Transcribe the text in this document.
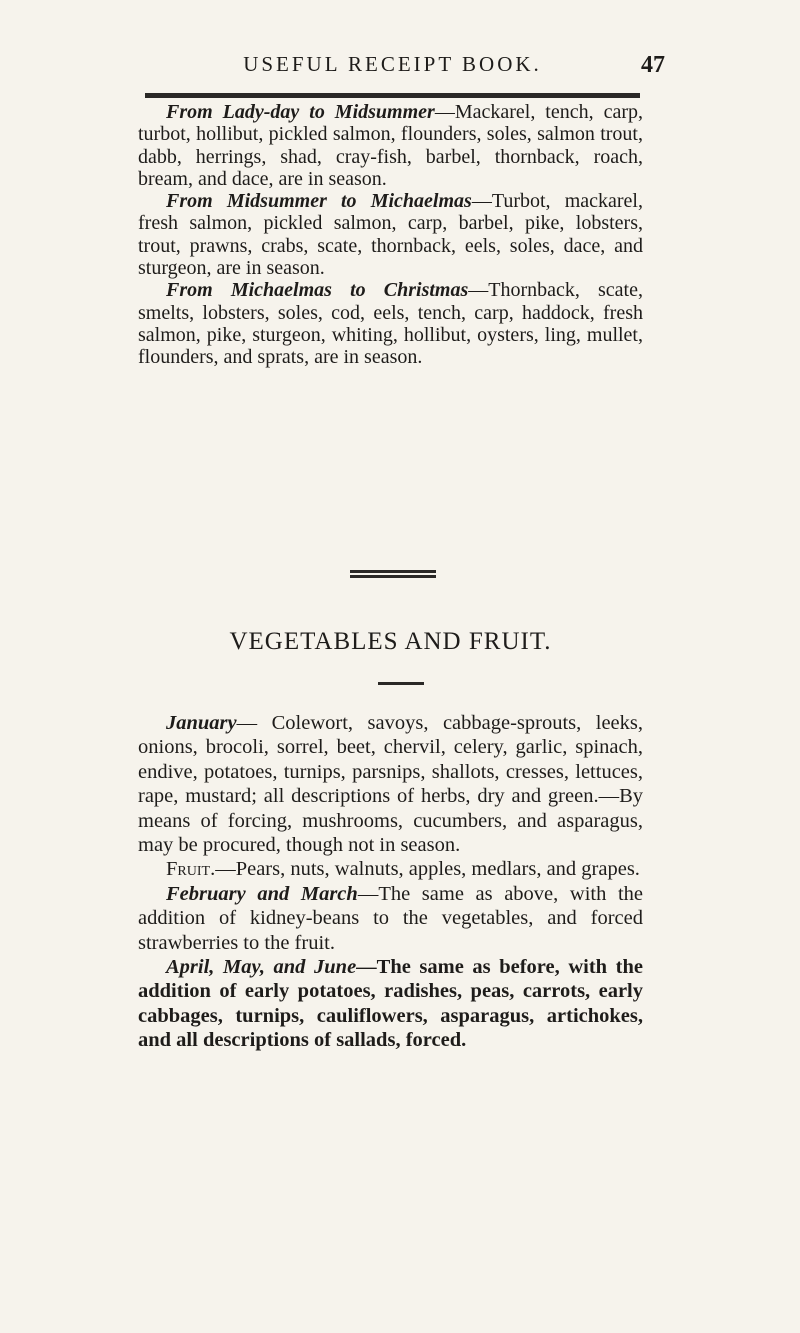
USEFUL RECEIPT BOOK.	47

From Lady-day to Midsummer—Mackarel, tench, carp, turbot, hollibut, pickled salmon, flounders, soles, salmon trout, dabb, herrings, shad, cray-fish, barbel, thornback, roach, bream, and dace, are in season.

From Midsummer to Michaelmas—Turbot, mackarel, fresh salmon, pickled salmon, carp, barbel, pike, lobsters, trout, prawns, crabs, scate, thornback, eels, soles, dace, and sturgeon, are in season.

From Michaelmas to Christmas—Thornback, scate, smelts, lobsters, soles, cod, eels, tench, carp, haddock, fresh salmon, pike, sturgeon, whiting, hollibut, oysters, ling, mullet, flounders, and sprats, are in season.

VEGETABLES AND FRUIT.

January— Colewort, savoys, cabbage-sprouts, leeks, onions, brocoli, sorrel, beet, chervil, celery, garlic, spinach, endive, potatoes, turnips, parsnips, shallots, cresses, lettuces, rape, mustard; all descriptions of herbs, dry and green.—By means of forcing, mushrooms, cucumbers, and asparagus, may be procured, though not in season.

Fruit.—Pears, nuts, walnuts, apples, medlars, and grapes.

February and March—The same as above, with the addition of kidney-beans to the vegetables, and forced strawberries to the fruit.

April, May, and June—The same as before, with the addition of early potatoes, radishes, peas, carrots, early cabbages, turnips, cauliflowers, asparagus, artichokes, and all descriptions of sallads, forced.
